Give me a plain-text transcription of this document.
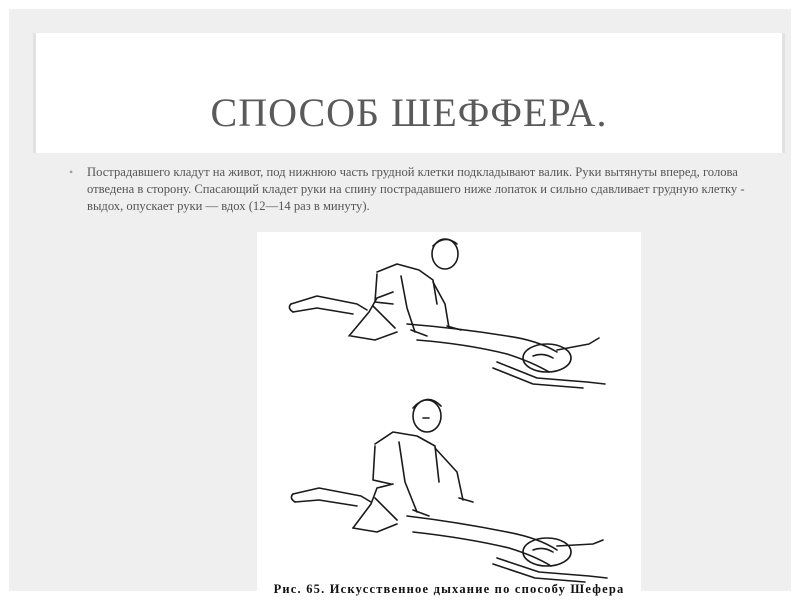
СПОСОБ ШЕФФЕРА.
• Пострадавшего кладут на живот, под нижнюю часть грудной клетки подкладывают валик. Руки вытянуты вперед, голова отведена в сторону. Спасающий кладет руки на спину пострадавшего ниже лопаток и сильно сдавливает грудную клетку - выдох, опускает руки — вдох (12—14 раз в минуту).
Рис. 65. Искусственное дыхание по способу Шефера
